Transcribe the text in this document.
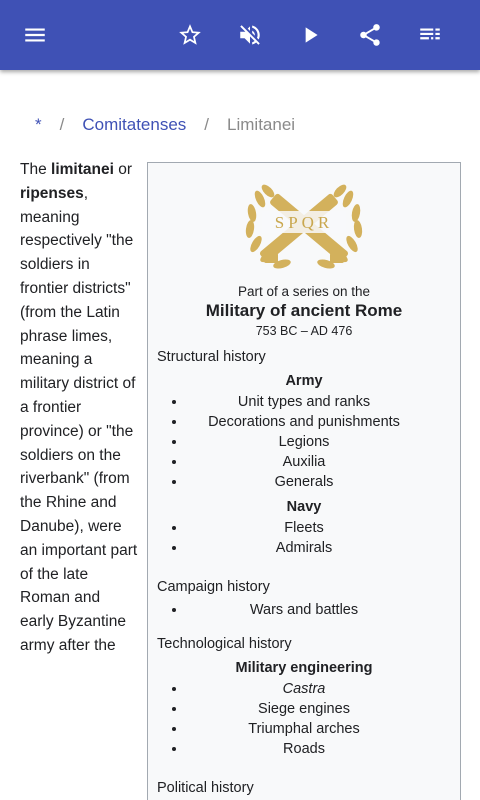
* / Comitatenses / Limitanei
The limitanei or ripenses, meaning respectively "the soldiers in frontier districts" (from the Latin phrase limes, meaning a military district of a frontier province) or "the soldiers on the riverbank" (from the Rhine and Danube), were an important part of the late Roman and early Byzantine army after the
SPQR
Part of a series on the
Military of ancient Rome
753 BC – AD 476
Structural history
Army
Unit types and ranks
Decorations and punishments
Legions
Auxilia
Generals
Navy
Fleets
Admirals
Campaign history
Wars and battles
Technological history
Military engineering
Castra
Siege engines
Triumphal arches
Roads
Political history
